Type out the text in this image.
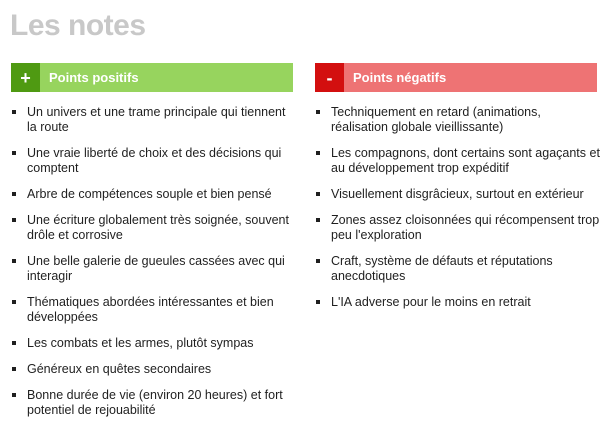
Les notes
+	Points positifs
Un univers et une trame principale qui tiennent la route
Une vraie liberté de choix et des décisions qui comptent
Arbre de compétences souple et bien pensé
Une écriture globalement très soignée, souvent drôle et corrosive
Une belle galerie de gueules cassées avec qui interagir
Thématiques abordées intéressantes et bien développées
Les combats et les armes, plutôt sympas
Généreux en quêtes secondaires
Bonne durée de vie (environ 20 heures) et fort potentiel de rejouabilité
-	Points négatifs
Techniquement en retard (animations, réalisation globale vieillissante)
Les compagnons, dont certains sont agaçants et au développement trop expéditif
Visuellement disgrâcieux, surtout en extérieur
Zones assez cloisonnées qui récompensent trop peu l'exploration
Craft, système de défauts et réputations anecdotiques
L'IA adverse pour le moins en retrait
